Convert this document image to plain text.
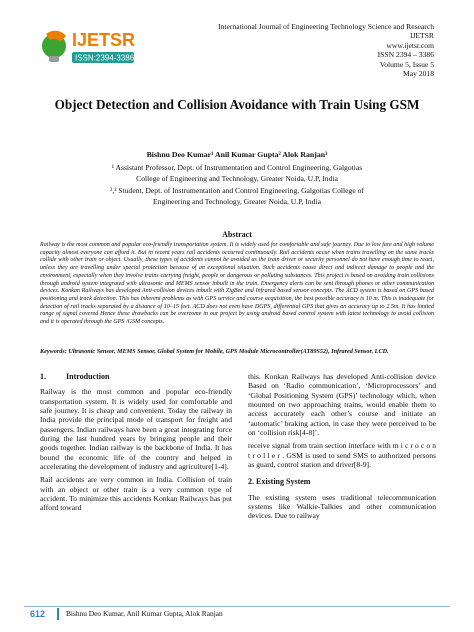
IJETSR
ISSN:2394-3386
International Journal of Engineering Technology Science and Research
IJETSR
www.ijetsr.com
ISSN 2394 – 3386
Volume 5, Issue 5
May 2018
Object Detection and Collision Avoidance with Train Using GSM
Bishnu Deo Kumar¹ Anil Kumar Gupta² Alok Ranjan³
¹ Assistant Professor, Dept. of Instrumentation and Control Engineering, Galgotias
College of Engineering and Technology, Greater Noida, U.P, India
²,³ Student, Dept. of Instrumentation and Control Engineering, Galgotias College of
Engineering and Technology, Greater Noida, U.P, India
Abstract
Railway is the most common and popular eco-friendly transportation system. It is widely used for comfortable and safe journey. Due to low fare and high volume capacity almost everyone can afford it. But in recent years rail accidents occurred continuously. Rail accidents occur when trains travelling on the same tracks collide with other train or object. Usually, these types of accidents cannot be avoided as the train driver or security personnel do not have enough time to react, unless they are travelling under special protection because of an exceptional situation. Such accidents cause direct and indirect damage to people and the environment, especially when they involve trains carrying freight, people or dangerous or polluting substances. This project is based on avoiding train collisions through android system integrated with ultrasonic and MEMS sensor inbuilt in the train. Emergency alerts can be sent through phones or other communication devices. Konkan Railways has developed Anti-collision devices inbuilt with ZigBee and Infrared based sensor concepts. The ACD system is based on GPS based positioning and track detection. This has inherent problems as with GPS service and course acquisition, the best possible accuracy is 10 m. This is inadequate for detection of rail tracks separated by a distance of 10–15 feet. ACD does not even have DGPS, differential GPS that gives an accuracy up to 2.5m. It has limited range of signal covered Hence these drawbacks can be overcome in our project by using android based control system with latest technology to avoid collision and it is operated through the GPS /GSM concepts.
Keywords: Ultrasonic Sensor, MEMS Sensor, Global System for Mobile, GPS Module Microcontroller(AT89S52), Infrared Sensor, LCD.
1.	Introduction

Railway is the most common and popular eco-friendly transportation system. It is widely used for comfortable and safe journey. It is cheap and convenient. Today the railway in India provide the principal mode of transport for freight and passengers. Indian railways have been a great integrating force during the last hundred years by bringing people and their goods together. Indian railway is the backbone of India. It has bound the economic life of the country and helped in accelerating the development of industry and agriculture[1-4].

Rail accidents are very common in India. Collision of train with an object or other train is a very common type of accident. To minimize this accidents Konkan Railways has put afford toward

this. Konkan Railways has developed Anti-collision device Based on ‘Radio communication’, ‘Microprocessors’ and ‘Global Positioning System (GPS)’ technology which, when mounted on two approaching trains, would enable them to access accurately each other’s course and initiate an ‘automatic’ braking action, in case they were perceived to be on ‘collision risk[4-8]’.

receive signal from train section interface with m i c r o c o n t r o l l e r . GSM is used to send SMS to authorized persons as guard, control station and driver[8-9].

2. Existing System

The existing system uses traditional telecommunication systems like Walkie-Talkies and other communication devices. Due to railway

612	Bishnu Deo Kumar, Anil Kumar Gupta, Alok Ranjan
